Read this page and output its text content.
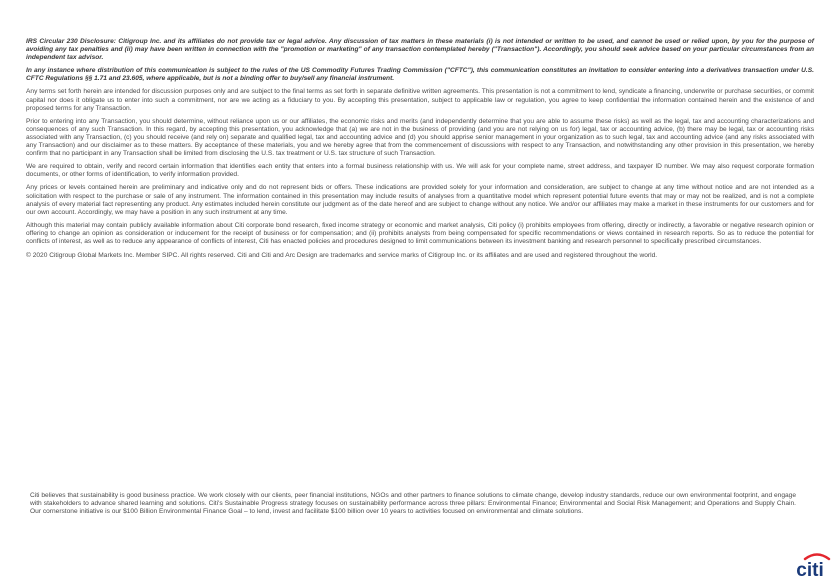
IRS Circular 230 Disclosure: Citigroup Inc. and its affiliates do not provide tax or legal advice. Any discussion of tax matters in these materials (i) is not intended or written to be used, and cannot be used or relied upon, by you for the purpose of avoiding any tax penalties and (ii) may have been written in connection with the "promotion or marketing" of any transaction contemplated hereby ("Transaction"). Accordingly, you should seek advice based on your particular circumstances from an independent tax advisor.

In any instance where distribution of this communication is subject to the rules of the US Commodity Futures Trading Commission ("CFTC"), this communication constitutes an invitation to consider entering into a derivatives transaction under U.S. CFTC Regulations §§ 1.71 and 23.605, where applicable, but is not a binding offer to buy/sell any financial instrument.

Any terms set forth herein are intended for discussion purposes only and are subject to the final terms as set forth in separate definitive written agreements. This presentation is not a commitment to lend, syndicate a financing, underwrite or purchase securities, or commit capital nor does it obligate us to enter into such a commitment, nor are we acting as a fiduciary to you. By accepting this presentation, subject to applicable law or regulation, you agree to keep confidential the information contained herein and the existence of and proposed terms for any Transaction.

Prior to entering into any Transaction, you should determine, without reliance upon us or our affiliates, the economic risks and merits (and independently determine that you are able to assume these risks) as well as the legal, tax and accounting characterizations and consequences of any such Transaction. In this regard, by accepting this presentation, you acknowledge that (a) we are not in the business of providing (and you are not relying on us for) legal, tax or accounting advice, (b) there may be legal, tax or accounting risks associated with any Transaction, (c) you should receive (and rely on) separate and qualified legal, tax and accounting advice and (d) you should apprise senior management in your organization as to such legal, tax and accounting advice (and any risks associated with any Transaction) and our disclaimer as to these matters. By acceptance of these materials, you and we hereby agree that from the commencement of discussions with respect to any Transaction, and notwithstanding any other provision in this presentation, we hereby confirm that no participant in any Transaction shall be limited from disclosing the U.S. tax treatment or U.S. tax structure of such Transaction.

We are required to obtain, verify and record certain information that identifies each entity that enters into a formal business relationship with us. We will ask for your complete name, street address, and taxpayer ID number. We may also request corporate formation documents, or other forms of identification, to verify information provided.

Any prices or levels contained herein are preliminary and indicative only and do not represent bids or offers. These indications are provided solely for your information and consideration, are subject to change at any time without notice and are not intended as a solicitation with respect to the purchase or sale of any instrument. The information contained in this presentation may include results of analyses from a quantitative model which represent potential future events that may or may not be realized, and is not a complete analysis of every material fact representing any product. Any estimates included herein constitute our judgment as of the date hereof and are subject to change without any notice. We and/or our affiliates may make a market in these instruments for our customers and for our own account. Accordingly, we may have a position in any such instrument at any time.

Although this material may contain publicly available information about Citi corporate bond research, fixed income strategy or economic and market analysis, Citi policy (i) prohibits employees from offering, directly or indirectly, a favorable or negative research opinion or offering to change an opinion as consideration or inducement for the receipt of business or for compensation; and (ii) prohibits analysts from being compensated for specific recommendations or views contained in research reports. So as to reduce the potential for conflicts of interest, as well as to reduce any appearance of conflicts of interest, Citi has enacted policies and procedures designed to limit communications between its investment banking and research personnel to specifically prescribed circumstances.

© 2020 Citigroup Global Markets Inc. Member SIPC. All rights reserved. Citi and Citi and Arc Design are trademarks and service marks of Citigroup Inc. or its affiliates and are used and registered throughout the world.

Citi believes that sustainability is good business practice. We work closely with our clients, peer financial institutions, NGOs and other partners to finance solutions to climate change, develop industry standards, reduce our own environmental footprint, and engage with stakeholders to advance shared learning and solutions. Citi's Sustainable Progress strategy focuses on sustainability performance across three pillars: Environmental Finance; Environmental and Social Risk Management; and Operations and Supply Chain. Our cornerstone initiative is our $100 Billion Environmental Finance Goal – to lend, invest and facilitate $100 billion over 10 years to activities focused on environmental and climate solutions.

citi
